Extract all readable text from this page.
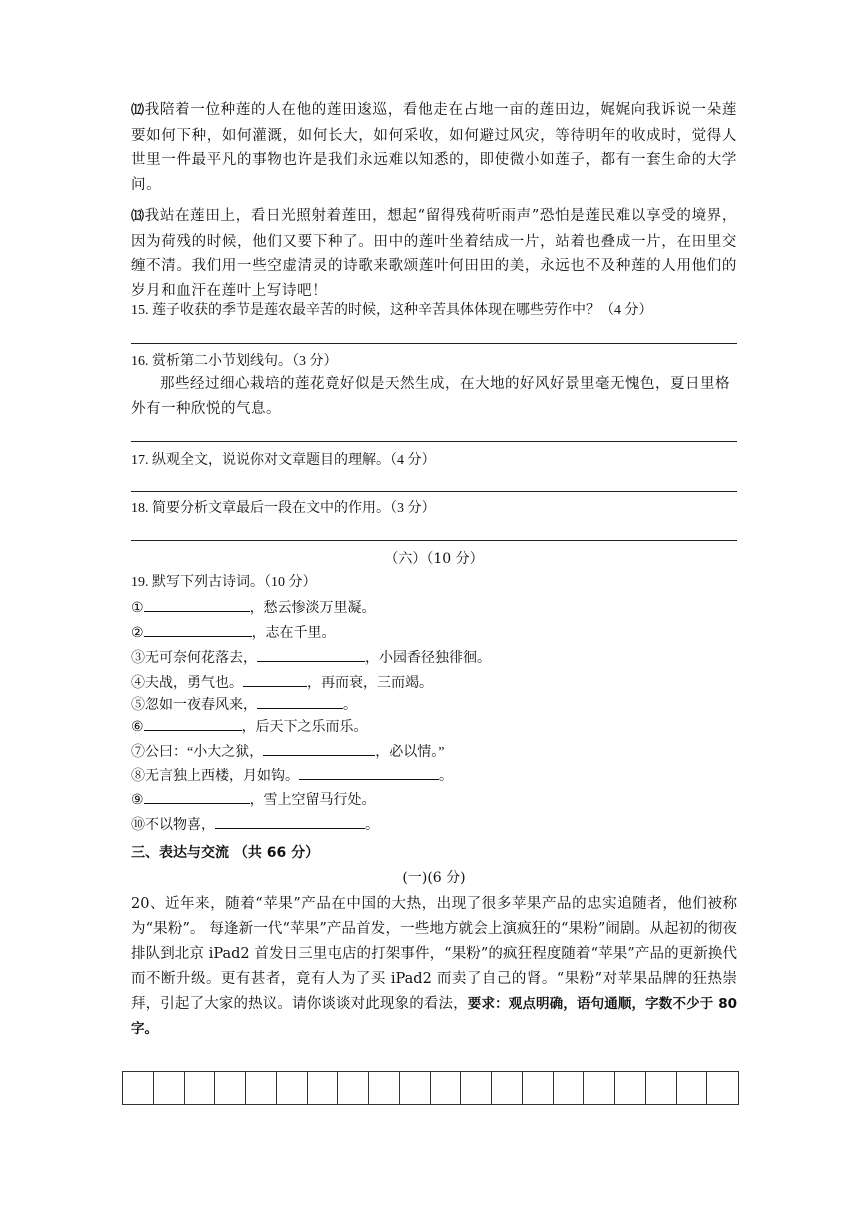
⑿我陪着一位种莲的人在他的莲田逡巡，看他走在占地一亩的莲田边，娓娓向我诉说一朵莲要如何下种，如何灌溉，如何长大，如何采收，如何避过风灾，等待明年的收成时，觉得人世里一件最平凡的事物也许是我们永远难以知悉的，即使微小如莲子，都有一套生命的大学问。
⒀我站在莲田上，看日光照射着莲田，想起“留得残荷听雨声”恐怕是莲民难以享受的境界，因为荷残的时候，他们又要下种了。田中的莲叶坐着结成一片，站着也叠成一片，在田里交缠不清。我们用一些空虚清灵的诗歌来歌颂莲叶何田田的美，永远也不及种莲的人用他们的岁月和血汗在莲叶上写诗吧！
15. 莲子收获的季节是莲农最辛苦的时候，这种辛苦具体体现在哪些劳作中？（4 分）
16. 赏析第二小节划线句。（3 分）
那些经过细心栽培的莲花竟好似是天然生成，在大地的好风好景里毫无愧色，夏日里格外有一种欣悦的气息。
17. 纵观全文，说说你对文章题目的理解。（4 分）
18. 简要分析文章最后一段在文中的作用。（3 分）
（六）（10 分）
19. 默写下列古诗词。（10 分）
①	，愁云惨淡万里凝。
②	，志在千里。
③无可奈何花落去，	，小园香径独徘徊。
④夫战，勇气也。	，再而衰，三而竭。
⑤忽如一夜春风来，	。
⑥	，后天下之乐而乐。
⑦公曰：“小大之狱，	，必以情。”
⑧无言独上西楼，月如钩。	。
⑨	，雪上空留马行处。
⑩不以物喜，	。
三、表达与交流 （共 66 分）
(一)(6 分)
20、近年来，随着“苹果”产品在中国的大热，出现了很多苹果产品的忠实追随者，他们被称为“果粉”。 每逢新一代“苹果”产品首发，一些地方就会上演疯狂的“果粉”闹剧。从起初的彻夜排队到北京 iPad2 首发日三里屯店的打架事件，“果粉”的疯狂程度随着“苹果”产品的更新换代而不断升级。更有甚者，竟有人为了买 iPad2 而卖了自己的肾。“果粉”对苹果品牌的狂热崇拜，引起了大家的热议。请你谈谈对此现象的看法，要求：观点明确，语句通顺，字数不少于 80 字。
